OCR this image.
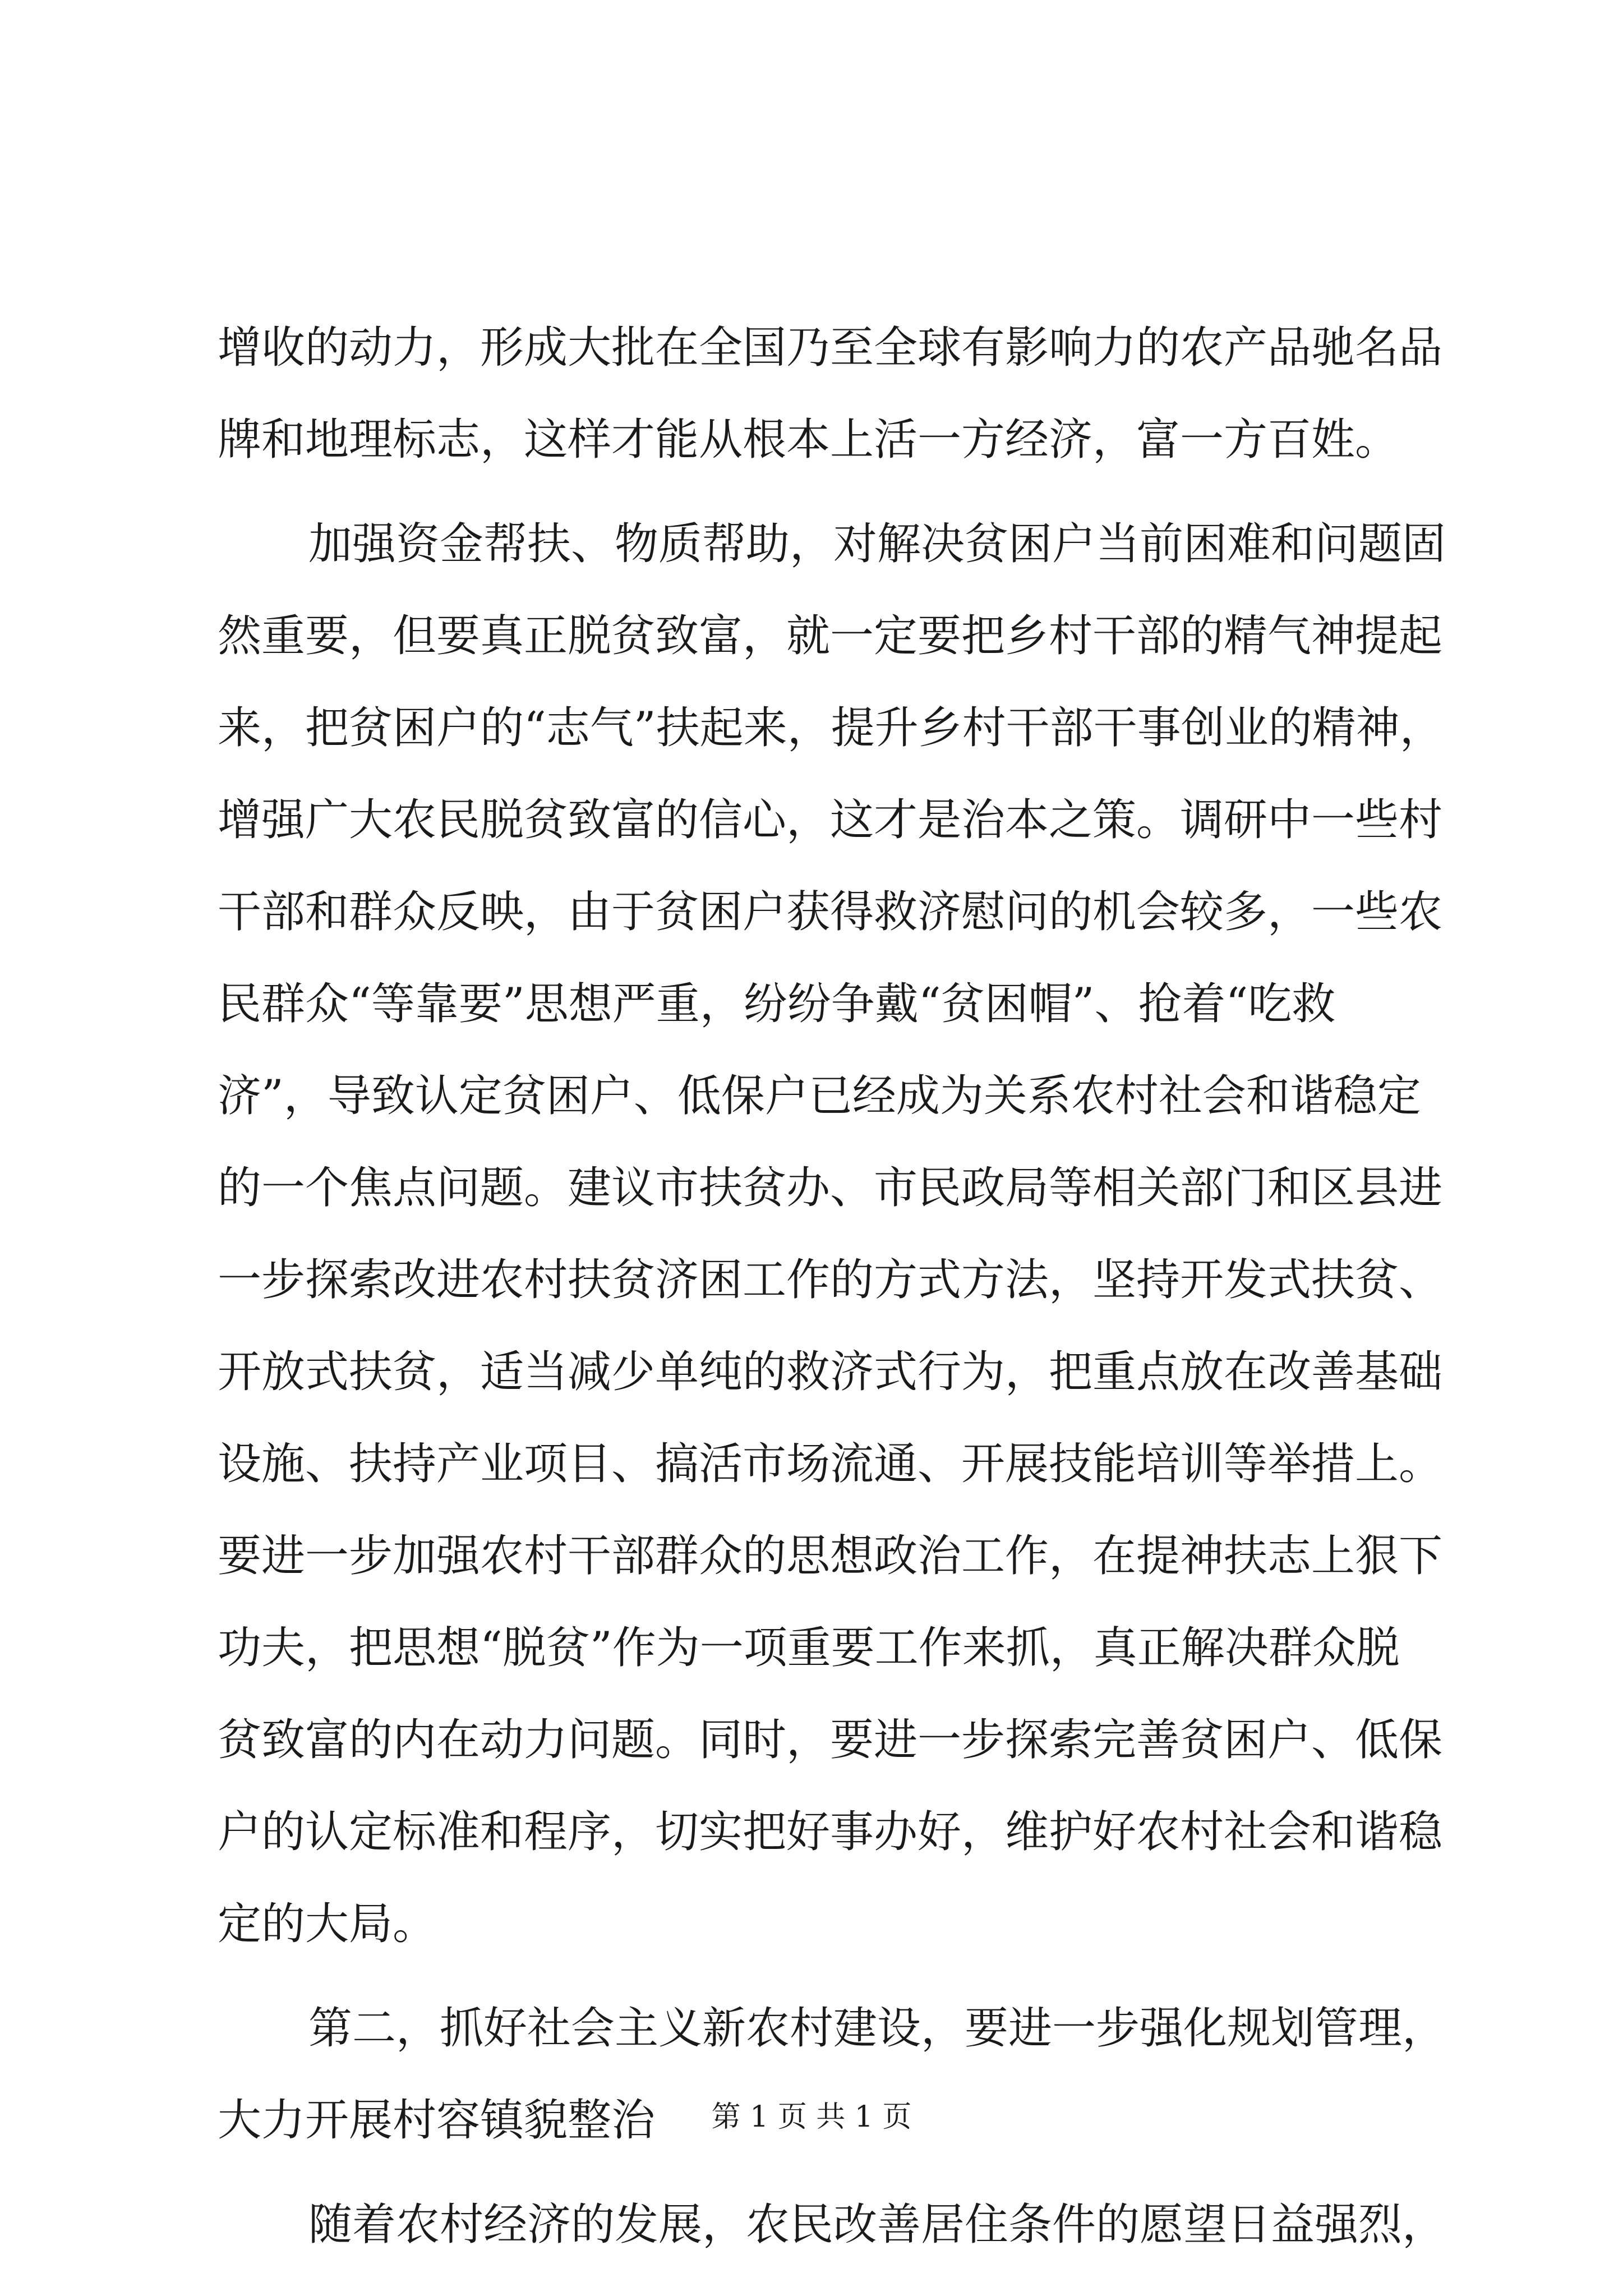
增收的动力，形成大批在全国乃至全球有影响力的农产品驰名品
牌和地理标志，这样才能从根本上活一方经济，富一方百姓。
加强资金帮扶、物质帮助，对解决贫困户当前困难和问题固
然重要，但要真正脱贫致富，就一定要把乡村干部的精气神提起
来，把贫困户的“志气”扶起来，提升乡村干部干事创业的精神，
增强广大农民脱贫致富的信心，这才是治本之策。调研中一些村
干部和群众反映，由于贫困户获得救济慰问的机会较多，一些农
民群众“等靠要”思想严重，纷纷争戴“贫困帽”、抢着“吃救
济”，导致认定贫困户、低保户已经成为关系农村社会和谐稳定
的一个焦点问题。建议市扶贫办、市民政局等相关部门和区县进
一步探索改进农村扶贫济困工作的方式方法，坚持开发式扶贫、
开放式扶贫，适当减少单纯的救济式行为，把重点放在改善基础
设施、扶持产业项目、搞活市场流通、开展技能培训等举措上。
要进一步加强农村干部群众的思想政治工作，在提神扶志上狠下
功夫，把思想“脱贫”作为一项重要工作来抓，真正解决群众脱
贫致富的内在动力问题。同时，要进一步探索完善贫困户、低保
户的认定标准和程序，切实把好事办好，维护好农村社会和谐稳
定的大局。
第二，抓好社会主义新农村建设，要进一步强化规划管理，
大力开展村容镇貌整治
随着农村经济的发展，农民改善居住条件的愿望日益强烈，
第 1 页 共 1 页
